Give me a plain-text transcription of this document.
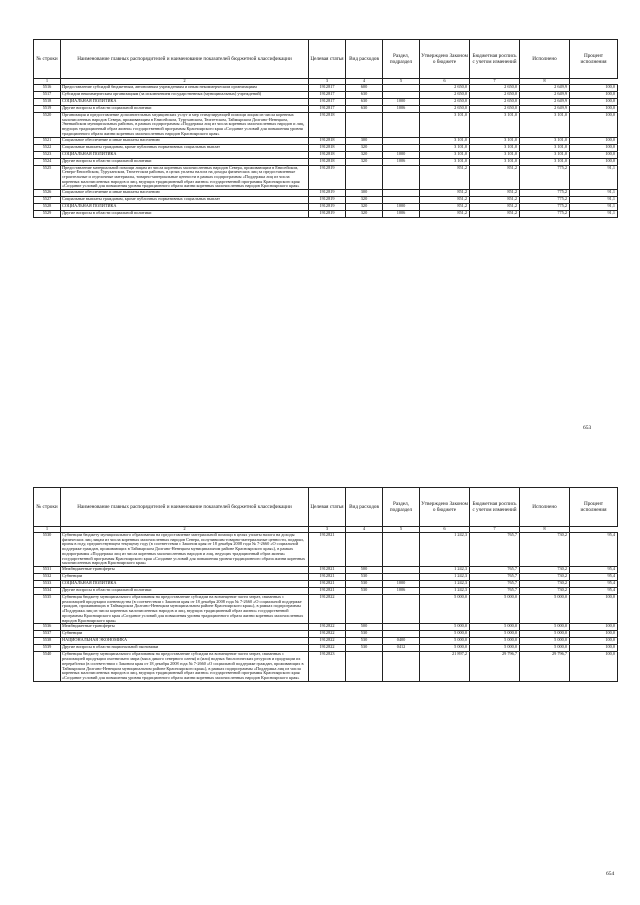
№ строки	Наименование главных распорядителей и наименование показателей бюджетной классификации	Целевая статья	Вид расходов	Раздел, подраздел	Утверждено Законом о бюджете	Бюджетная роспись с учетом изменений	Исполнено	Процент исполнения
1	2	3	4	5	6	7	8	
5516	Предоставление субсидий бюджетным, автономным учреждениям и иным некоммерческим организациям	1912817	600		2 650,0	2 650,0	2 649,9	100,0
5517	Субсидии некоммерческим организациям (за исключением государственных (муниципальных) учреждений)	1912817	630		2 650,0	2 650,0	2 649,9	100,0
5518	СОЦИАЛЬНАЯ ПОЛИТИКА	1912817	630	1000	2 650,0	2 650,0	2 649,9	100,0
5519	Другие вопросы в области социальной политики	1912817	630	1006	2 650,0	2 650,0	2 649,9	100,0
5520	Организация и предоставление дополнительных медицинских услуг и мер стимулирующей помощи лицам из числа коренных малочисленных народов Севера, проживающим в Енисейском, Туруханском, Тюхтетском, Таймырском Долгано-Ненецком, Эвенкийском муниципальных районах, в рамках подпрограммы «Поддержка лиц из числа коренных малочисленных народов и лиц, ведущих традиционный образ жизни» государственной программы Красноярского края «Создание условий для повышения уровня традиционного образа жизни коренных малочисленных народов Красноярского края»	1912818			3 101,0	3 101,0	3 101,0	100,0
5521	Социальное обеспечение и иные выплаты населению	1912818	300		3 101,0	3 101,0	3 101,0	100,0
5522	Социальные выплаты гражданам, кроме публичных нормативных социальных выплат	1912818	320		3 101,0	3 101,0	3 101,0	100,0
5523	СОЦИАЛЬНАЯ ПОЛИТИКА	1912818	320	1000	3 101,0	3 101,0	3 101,0	100,0
5524	Другие вопросы в области социальной политики	1912818	320	1006	3 101,0	3 101,0	3 101,0	100,0
5525	Предоставление материальной помощи лицам из числа коренных малочисленных народов Севера, проживающим в Енисейском, Северо-Енисейском, Туруханском, Тюхтетском районах, в целях уплаты налога на доходы физических лиц за предоставленные строительные и отделочные материалы, товарно-материальные ценности в рамках подпрограммы «Поддержка лиц из числа коренных малочисленных народов и лиц, ведущих традиционный образ жизни» государственной программы Красноярского края «Создание условий для повышения уровня традиционного образа жизни коренных малочисленных народов Красноярского края»	1912819			851,2	851,2	775,2	91,1
5526	Социальное обеспечение и иные выплаты населению	1912819	300		851,2	851,2	775,2	91,1
5527	Социальные выплаты гражданам, кроме публичных нормативных социальных выплат	1912819	320		851,2	851,2	775,2	91,1
5528	СОЦИАЛЬНАЯ ПОЛИТИКА	1912819	320	1000	851,2	851,2	775,2	91,1
5529	Другие вопросы в области социальной политики	1912819	320	1006	851,2	851,2	775,2	91,1
653
№ строки	Наименование главных распорядителей и наименование показателей бюджетной классификации	Целевая статья	Вид расходов	Раздел, подраздел	Утверждено Законом о бюджете	Бюджетная роспись с учетом изменений	Исполнено	Процент исполнения
1	2	3	4	5	6	7	8	
5530	Субвенции бюджету муниципального образования на предоставление материальной помощи в целях уплаты налога на доходы физических лиц лицам из числа коренных малочисленных народов Севера, получившим товарно-материальные ценности, подарки, призы в году, предшествующем текущему году (в соответствии с Законом края от 18 декабря 2008 года № 7-2660 «О социальной поддержке граждан, проживающих в Таймырском Долгано-Ненецком муниципальном районе Красноярского края»), в рамках подпрограммы «Поддержка лиц из числа коренных малочисленных народов и лиц, ведущих традиционный образ жизни» государственной программы Красноярского края «Создание условий для повышения уровня традиционного образа жизни коренных малочисленных народов Красноярского края»	1912821			1 242,3	765,7	730,2	95,4
5531	Межбюджетные трансферты	1912821	500		1 242,3	765,7	730,2	95,4
5532	Субвенции	1912821	530		1 242,3	765,7	730,2	95,4
5533	СОЦИАЛЬНАЯ ПОЛИТИКА	1912821	530	1000	1 242,3	765,7	730,2	95,4
5534	Другие вопросы в области социальной политики	1912821	530	1006	1 242,3	765,7	730,2	95,4
5535	Субвенция бюджету муниципального образования на предоставление субсидии на возмещение части затрат, связанных с реализацией продукции оленеводства (в соответствии с Законом края от 18 декабря 2008 года № 7-2660 «О социальной поддержке граждан, проживающих в Таймырском Долгано-Ненецком муниципальном районе Красноярского края»), в рамках подпрограммы «Поддержка лиц из числа коренных малочисленных народов и лиц, ведущих традиционный образ жизни» государственной программы Красноярского края «Создание условий для повышения уровня традиционного образа жизни коренных малочисленных народов Красноярского края»	1912822			5 000,0	5 000,0	5 000,0	100,0
5536	Межбюджетные трансферты	1912822	500		5 000,0	5 000,0	5 000,0	100,0
5537	Субвенции	1912822	530		5 000,0	5 000,0	5 000,0	100,0
5538	НАЦИОНАЛЬНАЯ ЭКОНОМИКА	1912822	530	0400	5 000,0	5 000,0	5 000,0	100,0
5539	Другие вопросы в области национальной экономики	1912822	530	0412	5 000,0	5 000,0	5 000,0	100,0
5540	Субвенция бюджету муниципального образования на предоставление субсидии на возмещение части затрат, связанных с реализацией продукции охотничьего мира (мяса дикого северного оленя) и (или) водных биологических ресурсов и продукции их переработки (в соответствии с Законом края от 18 декабря 2008 года № 7-2660 «О социальной поддержке граждан, проживающих в Таймырском Долгано-Ненецком муниципальном районе Красноярского края»), в рамках подпрограммы «Поддержка лиц из числа коренных малочисленных народов и лиц, ведущих традиционный образ жизни» государственной программы Красноярского края «Создание условий для повышения уровня традиционного образа жизни коренных малочисленных народов Красноярского края»	1912823			21 897,2	29 796,7	29 796,7	100,0
654
